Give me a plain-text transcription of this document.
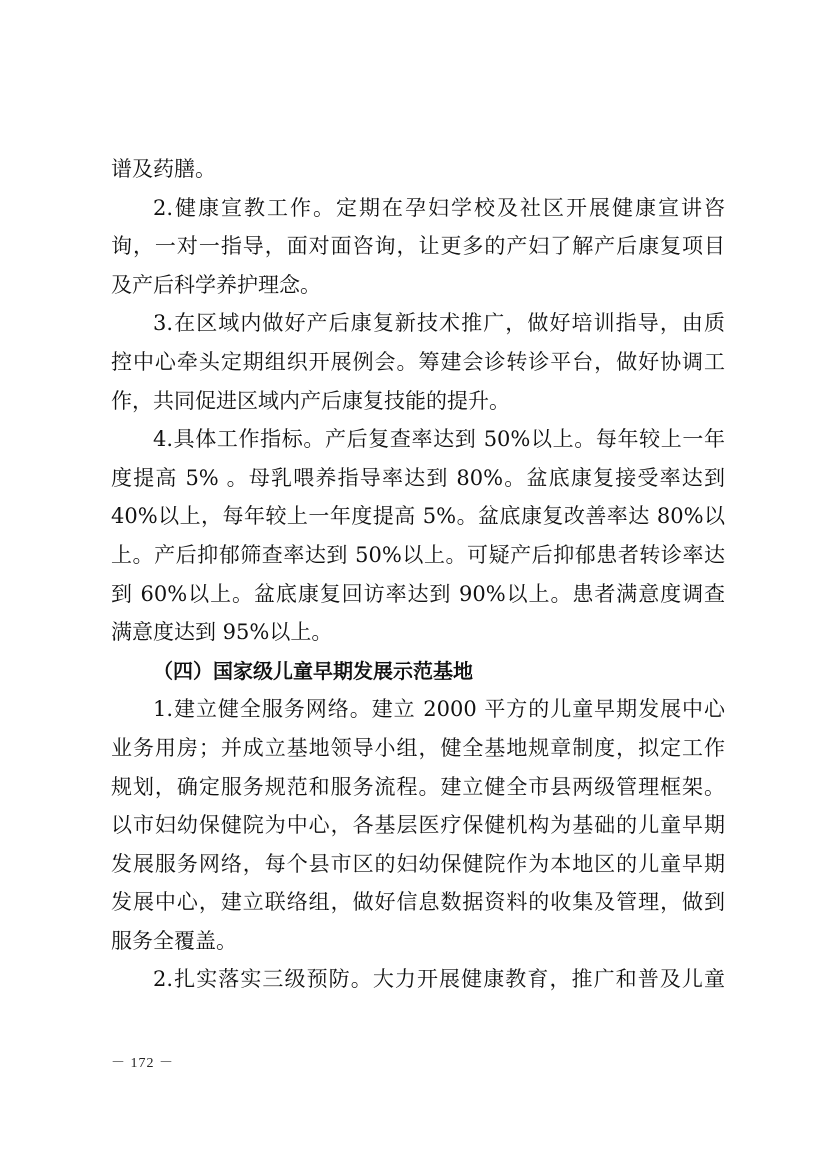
谱及药膳。
2.健康宣教工作。定期在孕妇学校及社区开展健康宣讲咨
询，一对一指导，面对面咨询，让更多的产妇了解产后康复项目
及产后科学养护理念。
3.在区域内做好产后康复新技术推广，做好培训指导，由质
控中心牵头定期组织开展例会。筹建会诊转诊平台，做好协调工
作，共同促进区域内产后康复技能的提升。
4.具体工作指标。产后复查率达到 50%以上。每年较上一年
度提高 5% 。母乳喂养指导率达到 80%。盆底康复接受率达到
40%以上，每年较上一年度提高 5%。盆底康复改善率达 80%以
上。产后抑郁筛查率达到 50%以上。可疑产后抑郁患者转诊率达
到 60%以上。盆底康复回访率达到 90%以上。患者满意度调查
满意度达到 95%以上。
（四）国家级儿童早期发展示范基地
1.建立健全服务网络。建立 2000 平方的儿童早期发展中心
业务用房；并成立基地领导小组，健全基地规章制度，拟定工作
规划，确定服务规范和服务流程。建立健全市县两级管理框架。
以市妇幼保健院为中心，各基层医疗保健机构为基础的儿童早期
发展服务网络，每个县市区的妇幼保健院作为本地区的儿童早期
发展中心，建立联络组，做好信息数据资料的收集及管理，做到
服务全覆盖。
2.扎实落实三级预防。大力开展健康教育，推广和普及儿童
－ 172 －
